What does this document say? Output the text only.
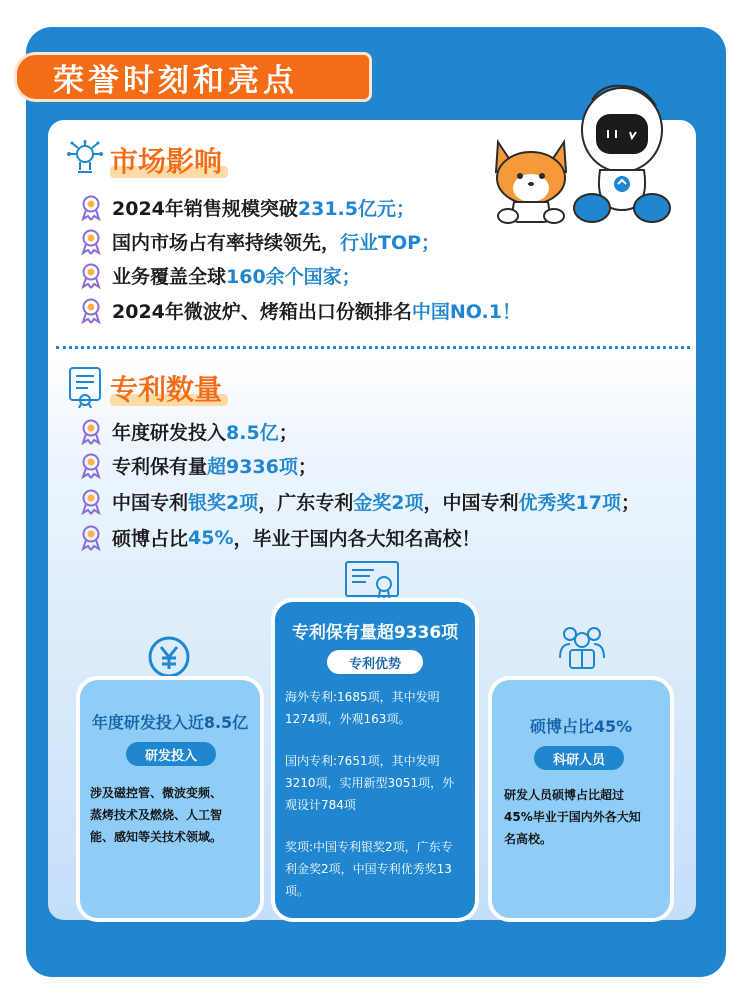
荣誉时刻和亮点
市场影响
2024年销售规模突破 231.5亿元；
国内市场占有率持续领先， 行业TOP；
业务覆盖全球 160余个国家；
2024年微波炉、烤箱出口份额排名 中国NO.1！
专利数量
年度研发投入 8.5亿 ；
专利保有量 超9336项 ；
中国专利 银奖2项 ，广东专利 金奖2项 ，中国专利 优秀奖17项 ；
硕博占比 45% ，毕业于国内各大知名高校！
年度研发投入近8.5亿
研发投入
涉及磁控管、微波变频、
蒸烤技术及燃烧、人工智
能、感知等关技术领域。
专利保有量超9336项
专利优势
海外专利:1685项，其中发明
1274项，外观163项。
国内专利:7651项，其中发明
3210项，实用新型3051项，外
观设计784项
奖项:中国专利银奖2项，广东专
利金奖2项，中国专利优秀奖13
项。
硕博占比45%
科研人员
研发人员硕博占比超过
45%毕业于国内外各大知
名高校。
